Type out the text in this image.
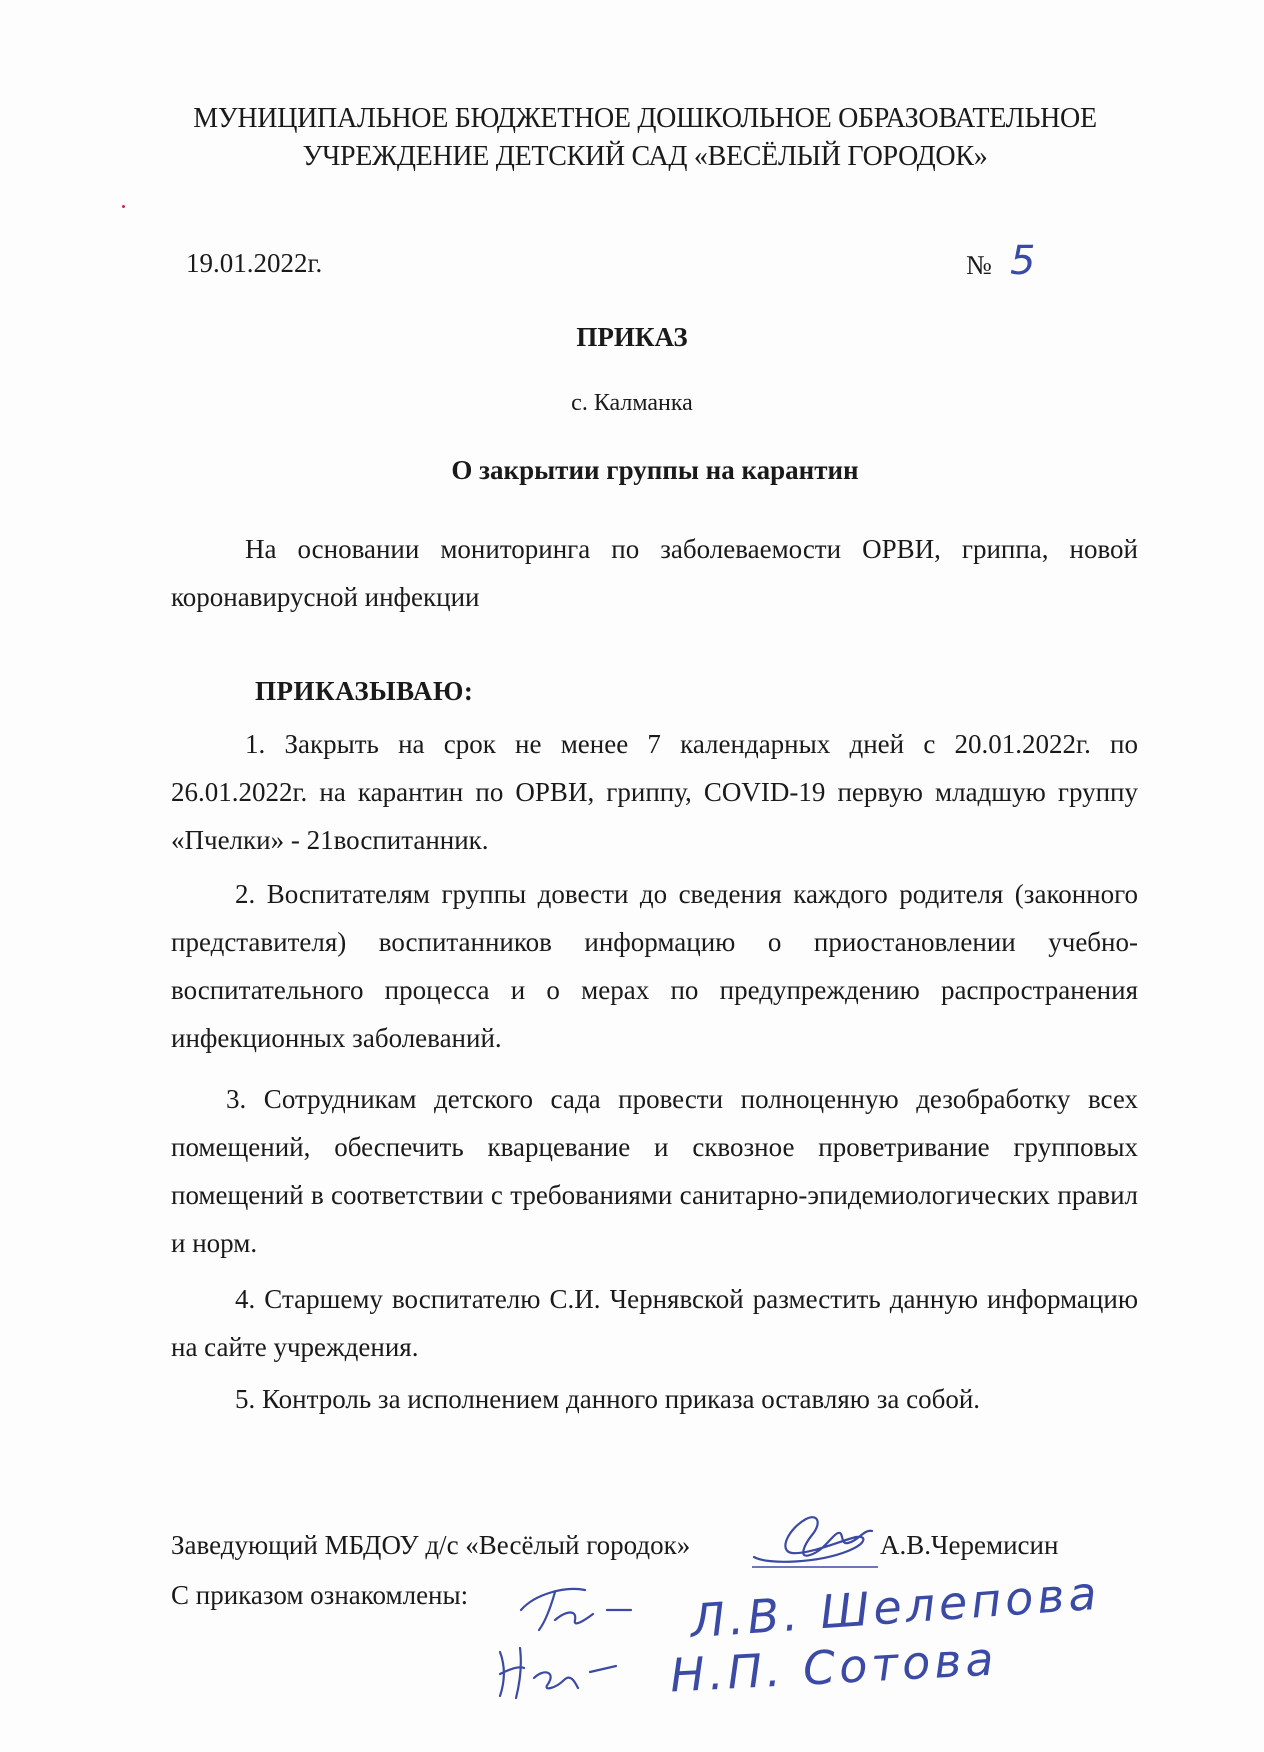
МУНИЦИПАЛЬНОЕ БЮДЖЕТНОЕ ДОШКОЛЬНОЕ ОБРАЗОВАТЕЛЬНОЕ
УЧРЕЖДЕНИЕ ДЕТСКИЙ САД «ВЕСЁЛЫЙ ГОРОДОК»
19.01.2022г.	№ 5
ПРИКАЗ
с. Калманка
О закрытии группы на карантин
На основании мониторинга по заболеваемости ОРВИ, гриппа, новой коронавирусной инфекции
ПРИКАЗЫВАЮ:
1. Закрыть на срок не менее 7 календарных дней с 20.01.2022г. по 26.01.2022г. на карантин по ОРВИ, гриппу, COVID-19 первую младшую группу «Пчелки» - 21воспитанник.
2. Воспитателям группы довести до сведения каждого родителя (законного представителя) воспитанников информацию о приостановлении учебно-воспитательного процесса и о мерах по предупреждению распространения инфекционных заболеваний.
3. Сотрудникам детского сада провести полноценную дезобработку всех помещений, обеспечить кварцевание и сквозное проветривание групповых помещений в соответствии с требованиями санитарно-эпидемиологических правил и норм.
4. Старшему воспитателю С.И. Чернявской разместить данную информацию на сайте учреждения.
5. Контроль за исполнением данного приказа оставляю за собой.
Заведующий МБДОУ д/с «Весёлый городок»	А.В.Черемисин
С приказом ознакомлены:	Л.В. Шелепова
Н.П. Сотова
